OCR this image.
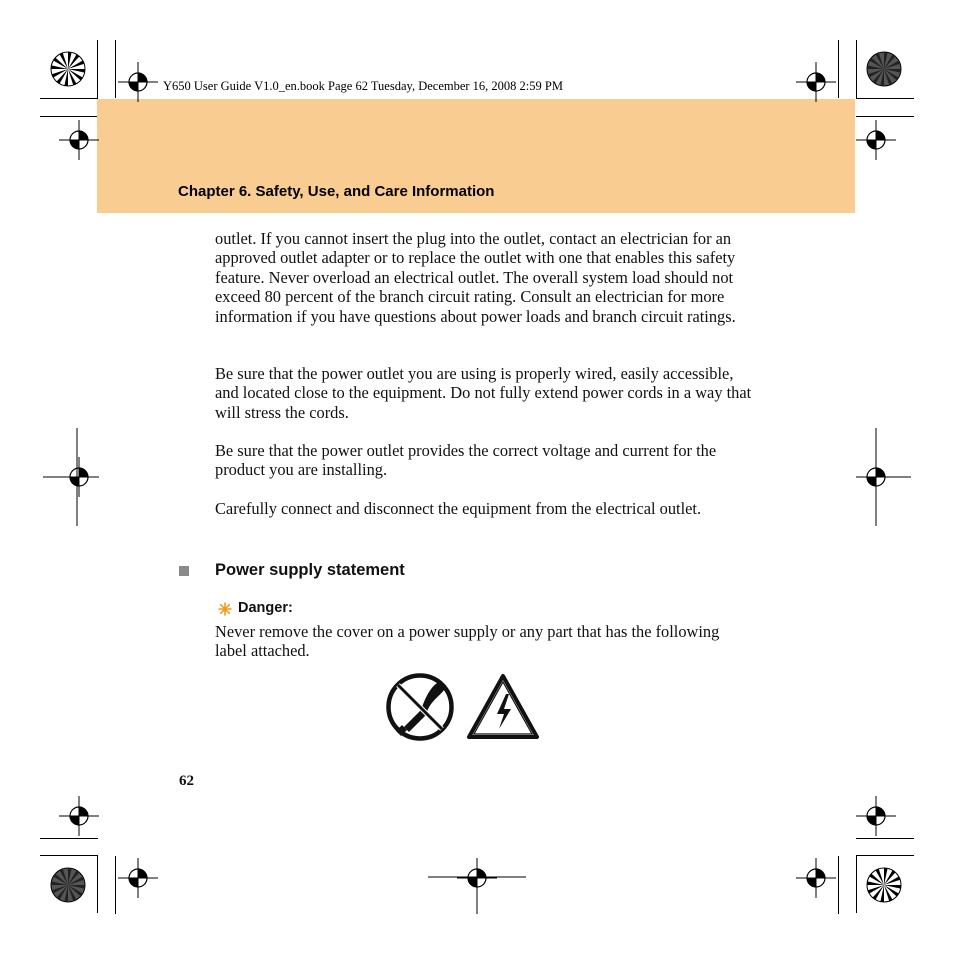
Y650 User Guide V1.0_en.book Page 62 Tuesday, December 16, 2008 2:59 PM
Chapter 6. Safety, Use, and Care Information

outlet. If you cannot insert the plug into the outlet, contact an electrician for an approved outlet adapter or to replace the outlet with one that enables this safety feature. Never overload an electrical outlet. The overall system load should not exceed 80 percent of the branch circuit rating. Consult an electrician for more information if you have questions about power loads and branch circuit ratings.

Be sure that the power outlet you are using is properly wired, easily accessible, and located close to the equipment. Do not fully extend power cords in a way that will stress the cords.

Be sure that the power outlet provides the correct voltage and current for the product you are installing.

Carefully connect and disconnect the equipment from the electrical outlet.

Power supply statement
Danger:

Never remove the cover on a power supply or any part that has the following label attached.

62
